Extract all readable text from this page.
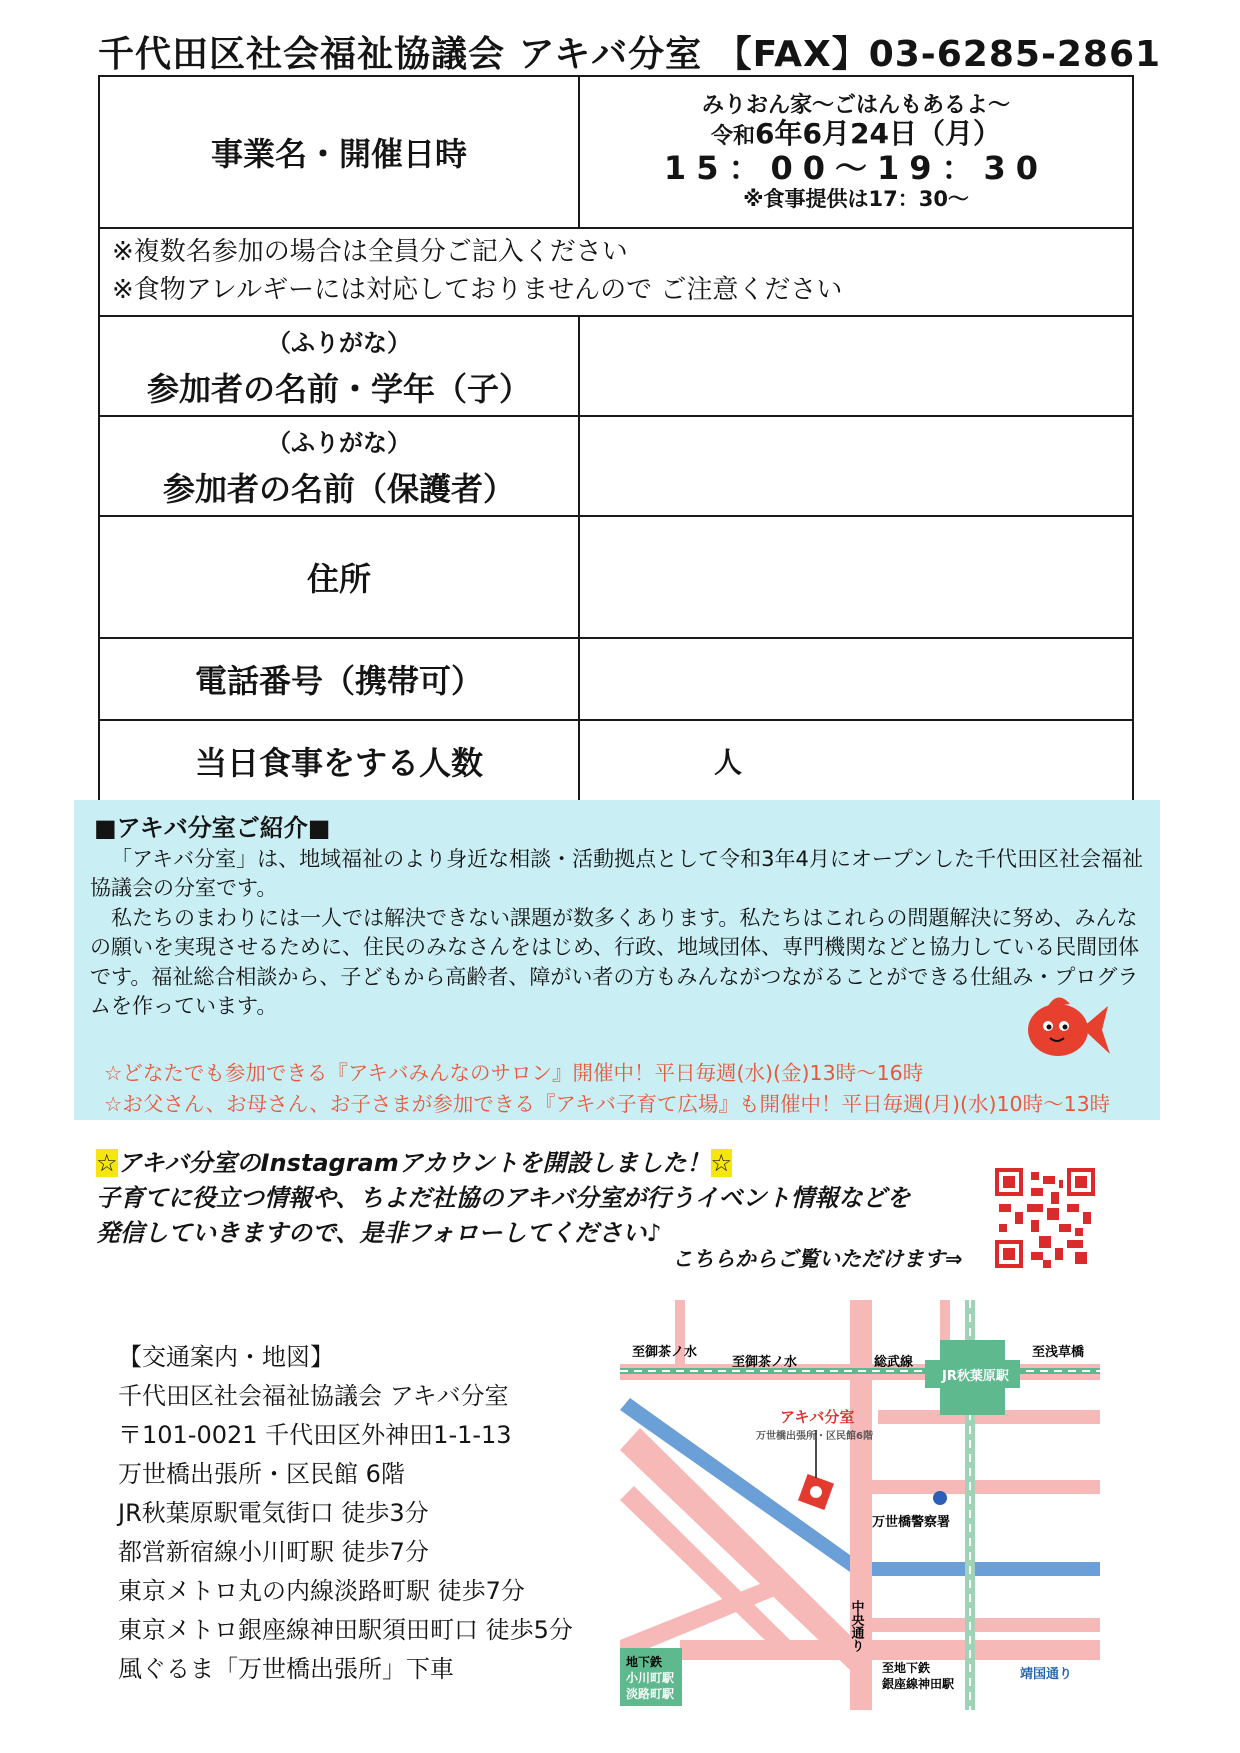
千代田区社会福祉協議会 アキバ分室 【FAX】03-6285-2861
事業名・開催日時	みりおん家〜ごはんもあるよ〜
令和6年6月24日（月）
15：00〜19：30
※食事提供は17：30〜

※複数名参加の場合は全員分ご記入ください
※食物アレルギーには対応しておりませんので ご注意ください	

（ふりがな）
参加者の名前・学年（子）	

（ふりがな）
参加者の名前（保護者）	
住所	
電話番号（携帯可）	
当日食事をする人数	人
■アキバ分室ご紹介■

「アキバ分室」は、地域福祉のより身近な相談・活動拠点として令和3年4月にオープンした千代田区社会福祉協議会の分室です。

私たちのまわりには一人では解決できない課題が数多くあります。私たちはこれらの問題解決に努め、みんなの願いを実現させるために、住民のみなさんをはじめ、行政、地域団体、専門機関などと協力している民間団体です。福祉総合相談から、子どもから高齢者、障がい者の方もみんながつながることができる仕組み・プログラムを作っています。

☆どなたでも参加できる『アキバみんなのサロン』開催中！平日毎週(水)(金)13時〜16時
☆お父さん、お母さん、お子さまが参加できる『アキバ子育て広場』も開催中！平日毎週(月)(水)10時〜13時
☆アキバ分室のInstagramアカウントを開設しました！☆
子育てに役立つ情報や、ちよだ社協のアキバ分室が行うイベント情報などを
発信していきますので、是非フォローしてください♪
こちらからご覧いただけます⇒
【交通案内・地図】
千代田区社会福祉協議会 アキバ分室
〒101-0021 千代田区外神田1-1-13
万世橋出張所・区民館 6階
JR秋葉原駅電気街口 徒歩3分
都営新宿線小川町駅 徒歩7分
東京メトロ丸の内線淡路町駅 徒歩7分
東京メトロ銀座線神田駅須田町口 徒歩5分
風ぐるま「万世橋出張所」下車
至御茶ノ水
至御茶ノ水	総武線
至浅草橋
JR秋葉原駅
アキバ分室
万世橋出張所・区民館6階
万世橋警察署
中央通り
地下鉄
小川町駅
淡路町駅
至地下鉄
銀座線神田駅
靖国通り
